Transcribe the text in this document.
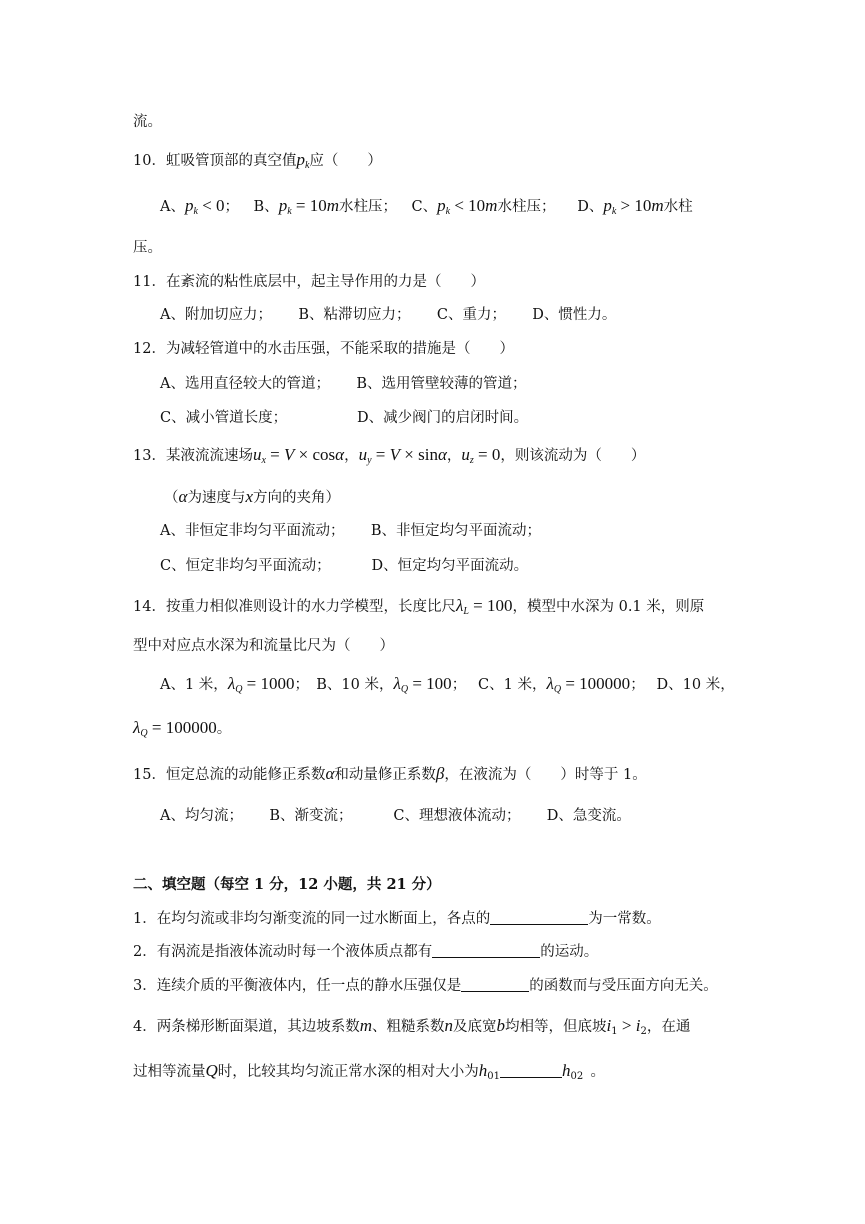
流。
10．虹吸管顶部的真空值$p_k$应（　　）
A、$p_k < 0$；  B、$p_k = 10m$水柱压；  C、$p_k < 10m$水柱压；   D、$p_k > 10m$水柱
压。
11．在紊流的粘性底层中，起主导作用的力是（　　）
A、附加切应力；　　 B、粘滞切应力；　　 C、重力；　　 D、惯性力。
12．为减轻管道中的水击压强，不能采取的措施是（　　）
A、选用直径较大的管道；　　 B、选用管壁较薄的管道；
C、减小管道长度；　　　　　 D、减少阀门的启闭时间。
13．某液流流速场$u_x = V \times \cos\alpha$，$u_y = V \times \sin\alpha$，$u_z = 0$，则该流动为（　　）
（α为速度与x方向的夹角）
A、非恒定非均匀平面流动；　　 B、非恒定均匀平面流动；
C、恒定非均匀平面流动；　　　 D、恒定均匀平面流动。
14．按重力相似准则设计的水力学模型，长度比尺$\lambda_L = 100$，模型中水深为 0.1 米，则原
型中对应点水深为和流量比尺为（　　）
A、1 米，$\lambda_Q = 1000$；　B、10 米，$\lambda_Q = 100$；　 C、1 米，$\lambda_Q = 100000$；　 D、10 米，
$\lambda_Q = 100000$。
15．恒定总流的动能修正系数α和动量修正系数β，在液流为（　　）时等于 1。
A、均匀流；　　 B、渐变流；　　　 C、理想液体流动；　　 D、急变流。
二、填空题（每空 1 分，12 小题，共 21 分）
1．在均匀流或非均匀渐变流的同一过水断面上，各点的	为一常数。
2．有涡流是指液体流动时每一个液体质点都有	的运动。
3．连续介质的平衡液体内，任一点的静水压强仅是	的函数而与受压面方向无关。
4．两条梯形断面渠道，其边坡系数m、粗糙系数n及底宽b均相等，但底坡$i_1 > i_2$，在通
过相等流量Q时，比较其均匀流正常水深的相对大小为$h_{01}$	$h_{02}$  。
